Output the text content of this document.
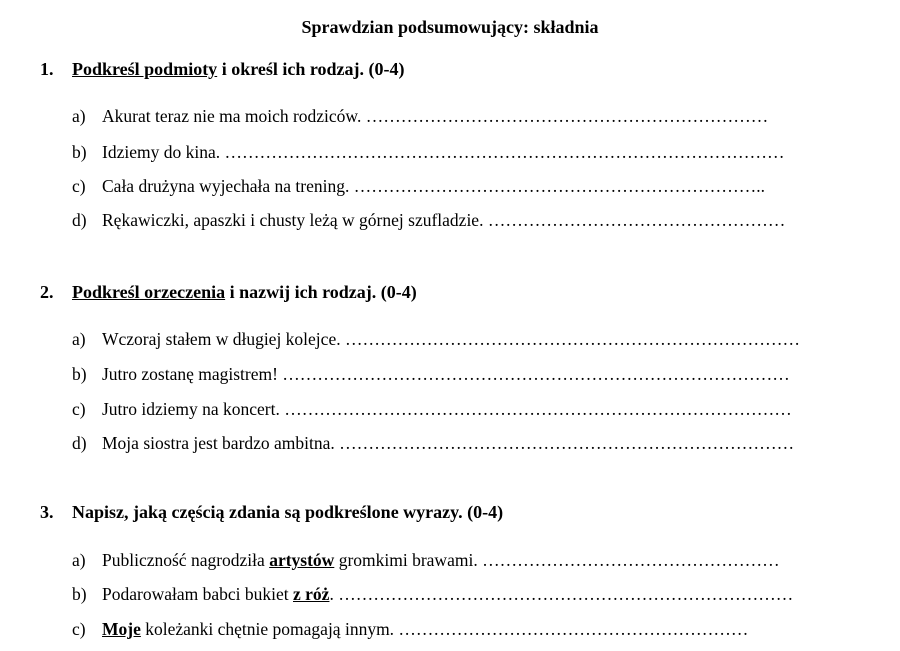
Sprawdzian podsumowujący: składnia
1. Podkreśl podmioty i określ ich rodzaj. (0-4)
a) Akurat teraz nie ma moich rodziców. ……………………………………………………………
b) Idziemy do kina. ……………………………………………………………………………………
c) Cała drużyna wyjechała na trening. ……………………………………………………………..
d) Rękawiczki, apaszki i chusty leżą w górnej szufladzie. ……………………………………………
2. Podkreśl orzeczenia i nazwij ich rodzaj. (0-4)
a) Wczoraj stałem w długiej kolejce. ……………………………………………………………………
b) Jutro zostanę magistrem! ……………………………………………………………………………
c) Jutro idziemy na koncert. ……………………………………………………………………………
d) Moja siostra jest bardzo ambitna. ……………………………………………………………………
3. Napisz, jaką częścią zdania są podkreślone wyrazy. (0-4)
a) Publiczność nagrodziła artystów gromkimi brawami. ……………………………………………
b) Podarowałam babci bukiet z róż. ……………………………………………………………………
c) Moje koleżanki chętnie pomagają innym. ……………………………………………………
